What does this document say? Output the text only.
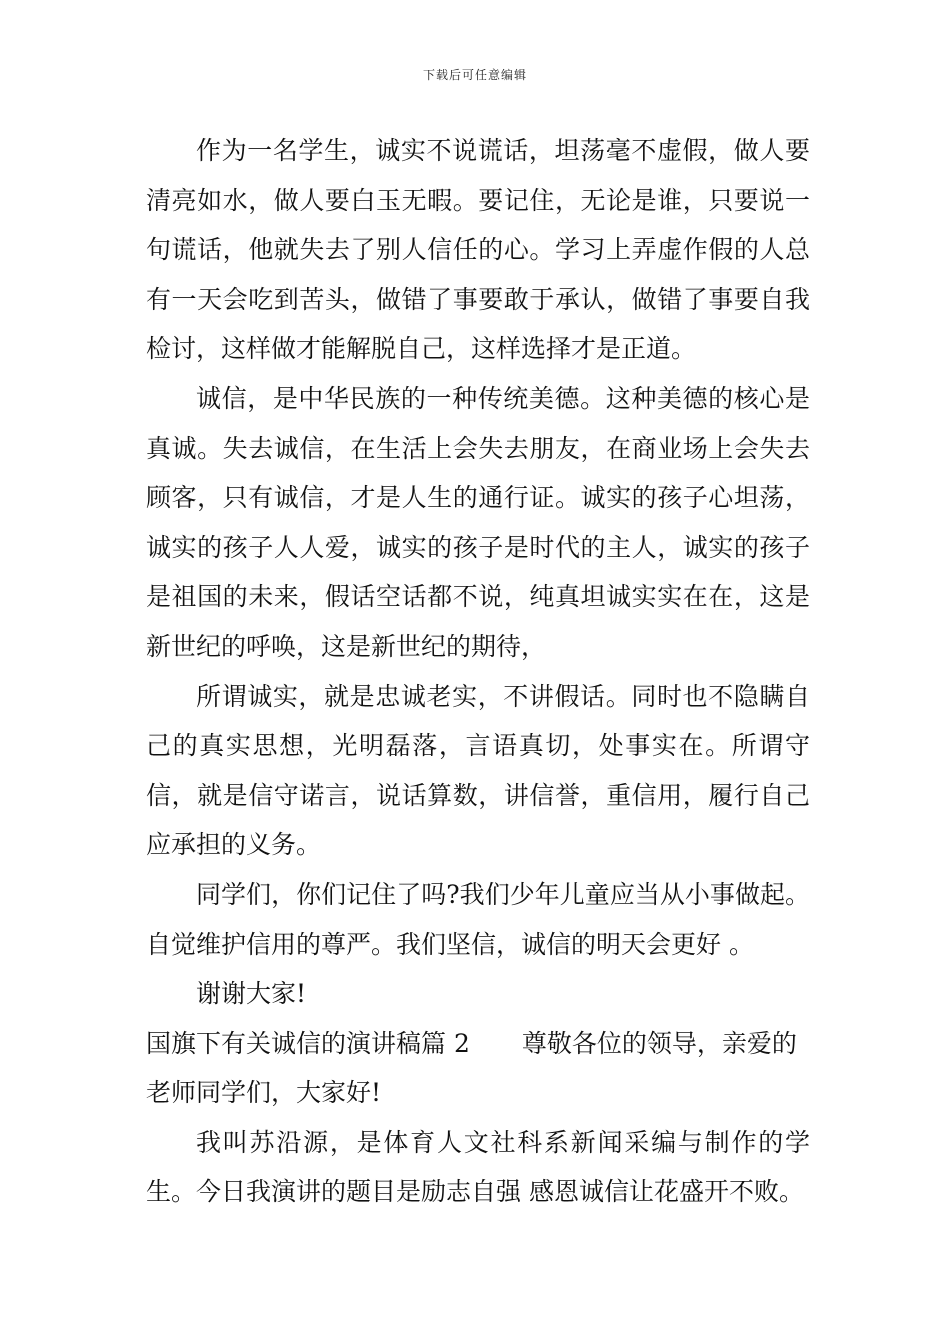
下载后可任意编辑

作为一名学生，诚实不说谎话，坦荡毫不虚假，做人要清亮如水，做人要白玉无暇。要记住，无论是谁，只要说一句谎话，他就失去了别人信任的心。学习上弄虚作假的人总有一天会吃到苦头，做错了事要敢于承认，做错了事要自我检讨，这样做才能解脱自己，这样选择才是正道。

诚信，是中华民族的一种传统美德。这种美德的核心是真诚。失去诚信，在生活上会失去朋友，在商业场上会失去顾客，只有诚信，才是人生的通行证。诚实的孩子心坦荡，诚实的孩子人人爱，诚实的孩子是时代的主人，诚实的孩子是祖国的未来，假话空话都不说，纯真坦诚实实在在，这是新世纪的呼唤，这是新世纪的期待，

所谓诚实，就是忠诚老实，不讲假话。同时也不隐瞒自己的真实思想，光明磊落，言语真切，处事实在。所谓守信，就是信守诺言，说话算数，讲信誉，重信用，履行自己应承担的义务。

同学们，你们记住了吗?我们少年儿童应当从小事做起。自觉维护信用的尊严。我们坚信，诚信的明天会更好 。

谢谢大家!

国旗下有关诚信的演讲稿篇 2 尊敬各位的领导，亲爱的老师同学们，大家好!

我叫苏沿源，是体育人文社科系新闻采编与制作的学生。今日我演讲的题目是励志自强 感恩诚信让花盛开不败。
